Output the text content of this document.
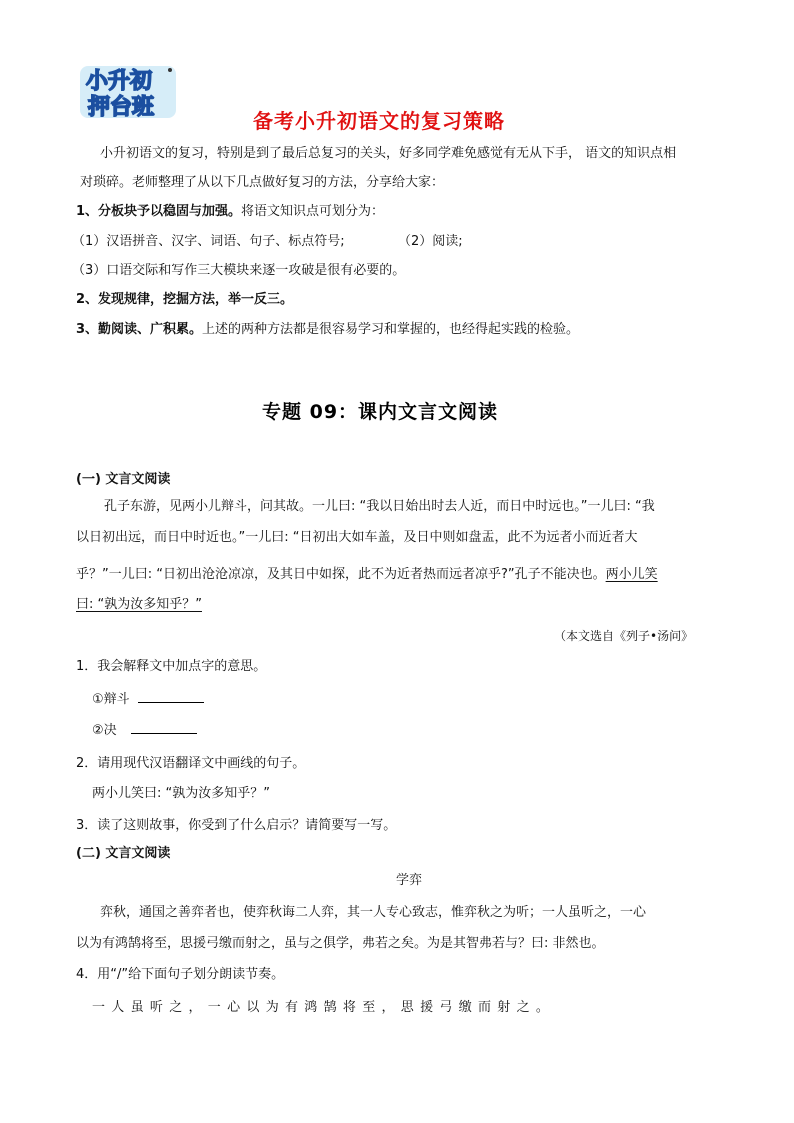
小升初
押台班
备考小升初语文的复习策略
小升初语文的复习，特别是到了最后总复习的关头，好多同学难免感觉有无从下手， 语文的知识点相
对琐碎。老师整理了从以下几点做好复习的方法，分享给大家：
1、分板块予以稳固与加强。将语文知识点可划分为：
（1）汉语拼音、汉字、词语、句子、标点符号;	（2）阅读;
（3）口语交际和写作三大模块来逐一攻破是很有必要的。
2、发现规律，挖掘方法，举一反三。
3、勤阅读、广积累。上述的两种方法都是很容易学习和掌握的，也经得起实践的检验。
专题 09：课内文言文阅读
(一) 文言文阅读
孔子东游，见两小儿辩斗，问其故。一儿曰: “我以日始出时去人近，而日中时远也。”一儿曰: “我
以日初出远，而日中时近也。”一儿曰: “日初出大如车盖，及日中则如盘盂，此不为远者小而近者大
乎？”一儿曰: “日初出沧沧凉凉，及其日中如探，此不为近者热而远者凉乎?”孔子不能决也。两小儿笑
曰: “孰为汝多知乎？”
（本文选自《列子•汤问》
1．我会解释文中加点字的意思。
①辩斗
②决
2．请用现代汉语翻译文中画线的句子。
两小儿笑曰: “孰为汝多知乎？”
3．读了这则故事，你受到了什么启示？请简要写一写。
(二) 文言文阅读
学弈
弈秋，通国之善弈者也，使弈秋诲二人弈，其一人专心致志，惟弈秋之为听；一人虽听之，一心
以为有鸿鹄将至，思援弓缴而射之，虽与之俱学，弗若之矣。为是其智弗若与？曰: 非然也。
4．用“/”给下面句子划分朗读节奏。
一人虽听之，一心以为有鸿鹄将至，思援弓缴而射之。
